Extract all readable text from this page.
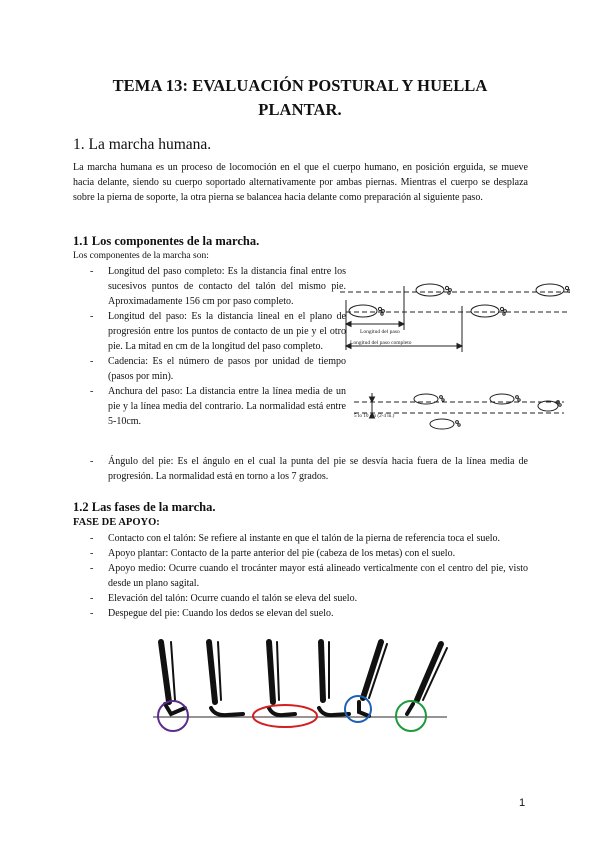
TEMA 13: EVALUACIÓN POSTURAL Y HUELLA
PLANTAR.
1. La marcha humana.
La marcha humana es un proceso de locomoción en el que el cuerpo humano, en posición erguida, se mueve hacia delante, siendo su cuerpo soportado alternativamente por ambas piernas. Mientras el cuerpo se desplaza sobre la pierna de soporte, la otra pierna se balancea hacia delante como preparación al siguiente paso.
1.1 Los componentes de la marcha.
Los componentes de la marcha son:
- Longitud del paso completo: Es la distancia final entre los sucesivos puntos de contacto del talón del mismo pie. Aproximadamente 156 cm por paso completo.
- Longitud del paso: Es la distancia lineal en el plano de progresión entre los puntos de contacto de un pie y el otro pie. La mitad en cm de la longitud del paso completo.
- Cadencia: Es el número de pasos por unidad de tiempo (pasos por min).
- Anchura del paso: La distancia entre la línea media de un pie y la línea media del contrario. La normalidad está entre 5-10cm.
- Ángulo del pie: Es el ángulo en el cual la punta del pie se desvía hacia fuera de la línea media de progresión. La normalidad está en torno a los 7 grados.
Longitud del paso
Longitud del paso completo
5 to 10 cm (2-4 in.)
1.2 Las fases de la marcha.
FASE DE APOYO:
- Contacto con el talón: Se refiere al instante en que el talón de la pierna de referencia toca el suelo.
- Apoyo plantar: Contacto de la parte anterior del pie (cabeza de los metas) con el suelo.
- Apoyo medio: Ocurre cuando el trocánter mayor está alineado verticalmente con el centro del pie, visto desde un plano sagital.
- Elevación del talón: Ocurre cuando el talón se eleva del suelo.
- Despegue del pie: Cuando los dedos se elevan del suelo.
1
